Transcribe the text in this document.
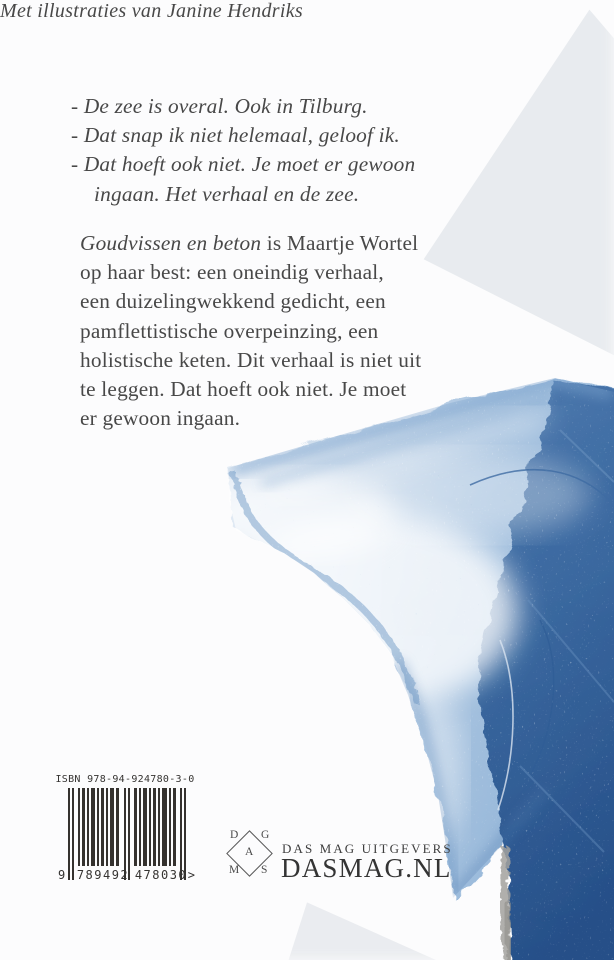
- De zee is overal. Ook in Tilburg.
- Dat snap ik niet helemaal, geloof ik.
- Dat hoeft ook niet. Je moet er gewoon
ingaan. Het verhaal en de zee.
Goudvissen en beton is Maartje Wortel
op haar best: een oneindig verhaal,
een duizelingwekkend gedicht, een
pamflettistische overpeinzing, een
holistische keten. Dit verhaal is niet uit
te leggen. Dat hoeft ook niet. Je moet
er gewoon ingaan.
Met illustraties van Janine Hendriks
ISBN 978-94-924780-3-0
9 789492 478030 >
D G
A
M S
DAS MAG UITGEVERS
DASMAG.NL
